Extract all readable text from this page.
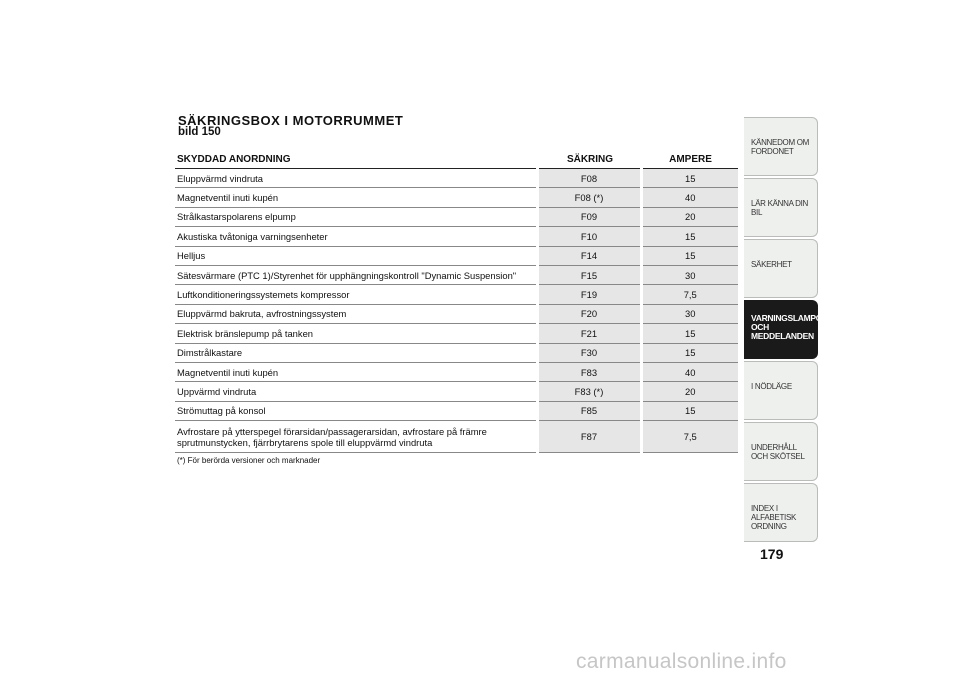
SÄKRINGSBOX I MOTORRUMMET
bild 150
SKYDDAD ANORDNING	SÄKRING	AMPERE
Eluppvärmd vindruta	F08	15
Magnetventil inuti kupén	F08 (*)	40
Strålkastarspolarens elpump	F09	20
Akustiska tvåtoniga varningsenheter	F10	15
Helljus	F14	15
Sätesvärmare (PTC 1)/Styrenhet för upphängningskontroll "Dynamic Suspension"	F15	30
Luftkonditioneringssystemets kompressor	F19	7,5
Eluppvärmd bakruta, avfrostningssystem	F20	30
Elektrisk bränslepump på tanken	F21	15
Dimstrålkastare	F30	15
Magnetventil inuti kupén	F83	40
Uppvärmd vindruta	F83 (*)	20
Strömuttag på konsol	F85	15
Avfrostare på ytterspegel förarsidan/passagerarsidan, avfrostare på främre sprutmunstycken, fjärrbrytarens spole till eluppvärmd vindruta	F87	7,5
(*) För berörda versioner och marknader
KÄNNEDOM OM FORDONET
LÄR KÄNNA DIN BIL
SÄKERHET
VARNINGSLAMPOR OCH MEDDELANDEN
I NÖDLÄGE
UNDERHÅLL OCH SKÖTSEL
INDEX I ALFABETISK ORDNING
179
carmanualsonline.info
